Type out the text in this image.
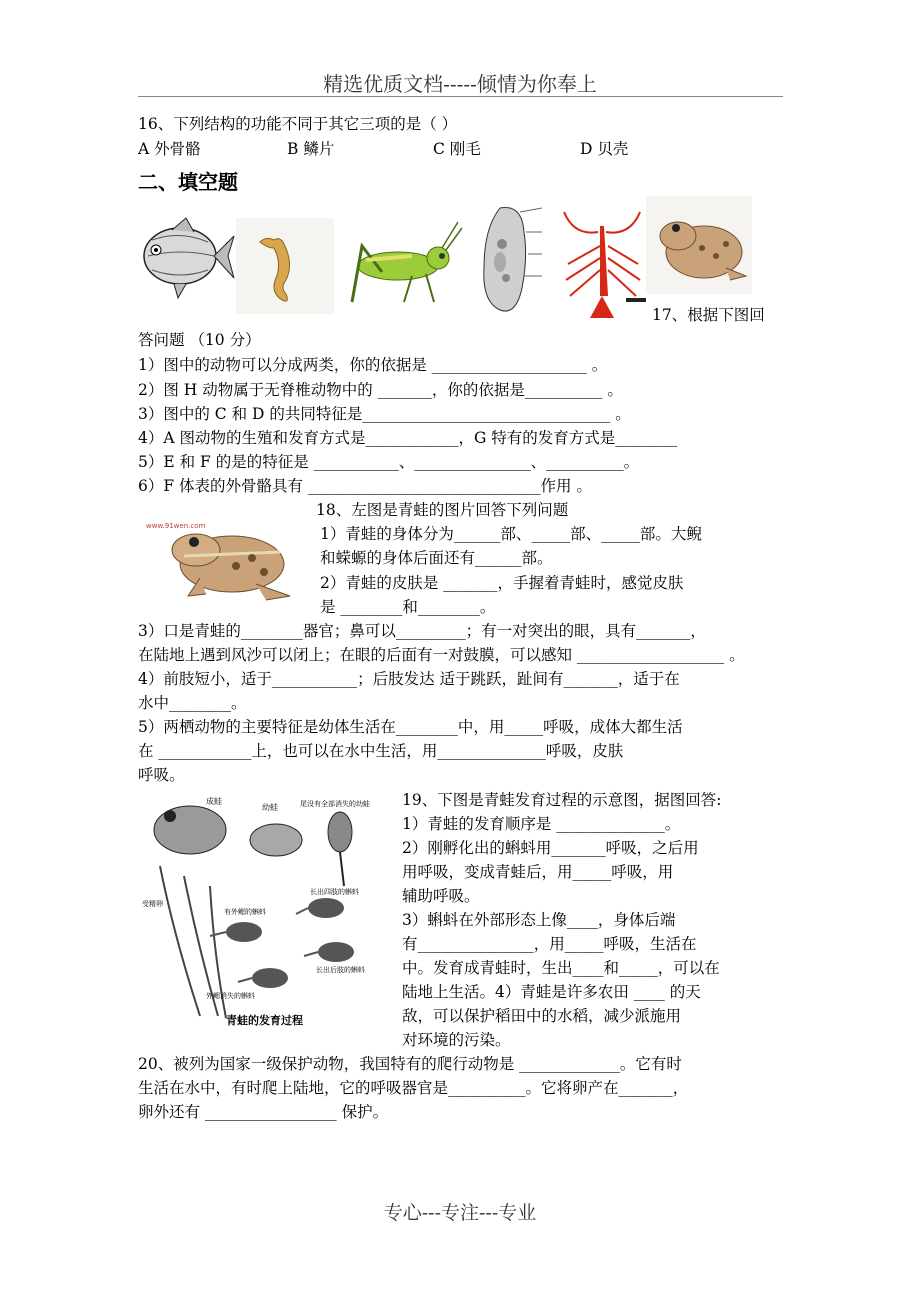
精选优质文档-----倾情为你奉上
16、下列结构的功能不同于其它三项的是（ ）
A 外骨骼	B 鳞片	C 刚毛	D 贝壳
二、填空题
17、根据下图回
答问题 （10 分）
1）图中的动物可以分成两类，你的依据是 ____________________ 。
2）图 H 动物属于无脊椎动物中的 _______，你的依据是__________ 。
3）图中的 C 和 D 的共同特征是________________________________ 。
4）A 图动物的生殖和发育方式是____________，G 特有的发育方式是________
5）E 和 F 的是的特征是 ___________、_______________、__________。
6）F 体表的外骨骼具有 ______________________________作用 。
www.91wen.com
18、左图是青蛙的图片回答下列问题
1）青蛙的身体分为______部、_____部、_____部。大鲵
和蝾螈的身体后面还有______部。
2）青蛙的皮肤是 _______，手握着青蛙时，感觉皮肤
是 ________和________。
3）口是青蛙的________器官；鼻可以_________；有一对突出的眼，具有_______，
在陆地上遇到风沙可以闭上；在眼的后面有一对鼓膜，可以感知 ___________________ 。
4）前肢短小，适于___________；后肢发达 适于跳跃，趾间有_______，适于在
水中________。
5）两栖动物的主要特征是幼体生活在________中，用_____呼吸，成体大都生活
在 ____________上，也可以在水中生活，用______________呼吸，皮肤
呼吸。
成蛙
幼蛙	尾没有全部消失的幼蛙
受精卵
有外鳃的蝌蚪
长出四肢的蝌蚪
长出后肢的蝌蚪
外鳃消失的蝌蚪
青蛙的发育过程
19、下图是青蛙发育过程的示意图，据图回答:
1）青蛙的发育顺序是 ______________。
2）刚孵化出的蝌蚪用_______呼吸，之后用
用呼吸，变成青蛙后，用_____呼吸，用
辅助呼吸。
3）蝌蚪在外部形态上像____，身体后端
有_______________，用_____呼吸，生活在
中。发育成青蛙时，生出____和_____，可以在
陆地上生活。4）青蛙是许多农田 ____ 的天
敌，可以保护稻田中的水稻，减少派施用
对环境的污染。
20、被列为国家一级保护动物，我国特有的爬行动物是 _____________。它有时
生活在水中，有时爬上陆地，它的呼吸器官是__________。它将卵产在_______，
卵外还有 _________________ 保护。
专心---专注---专业
